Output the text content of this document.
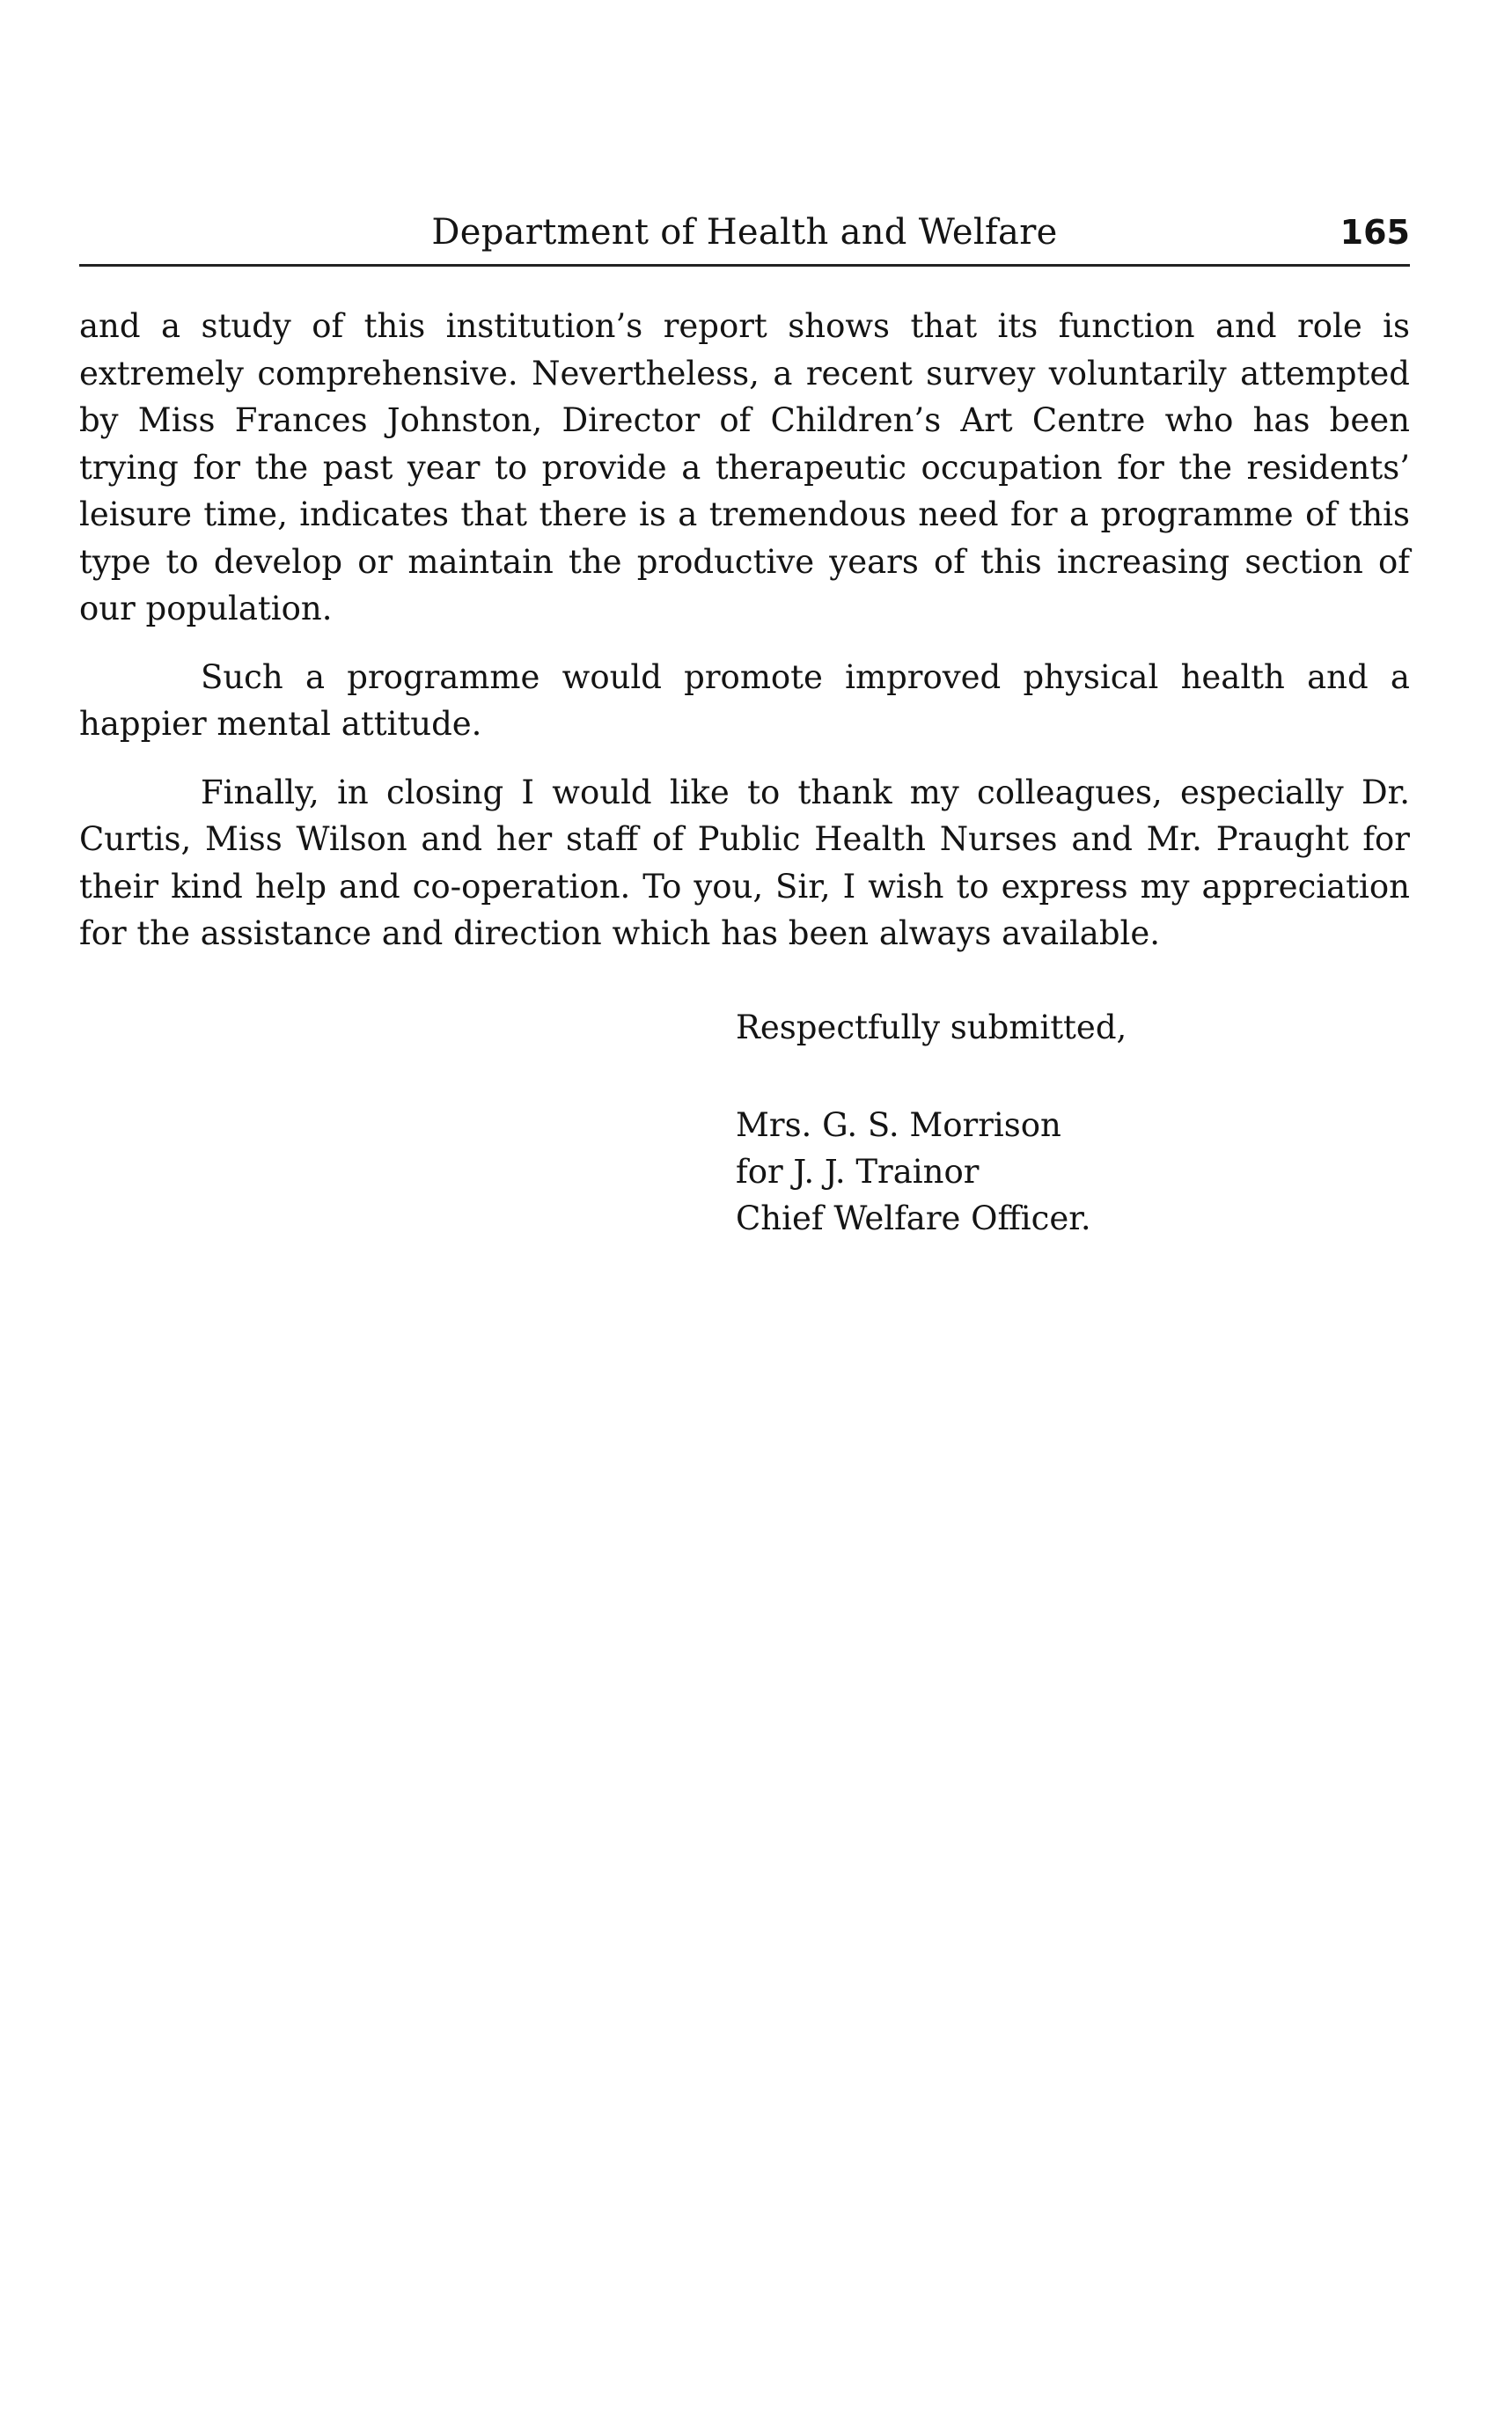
Department of Health and Welfare	165

and a study of this institution’s report shows that its function and role is extremely comprehensive. Nevertheless, a recent survey voluntarily attempted by Miss Frances Johnston, Director of Children’s Art Centre who has been trying for the past year to provide a therapeutic occupation for the residents’ leisure time, indicates that there is a tremendous need for a programme of this type to develop or maintain the productive years of this increasing section of our population.

Such a programme would promote improved physical health and a happier mental attitude.

Finally, in closing I would like to thank my colleagues, especially Dr. Curtis, Miss Wilson and her staff of Public Health Nurses and Mr. Praught for their kind help and co-operation. To you, Sir, I wish to express my appreciation for the assistance and direction which has been always available.

Respectfully submitted,
Mrs. G. S. Morrison
for J. J. Trainor
Chief Welfare Officer.
